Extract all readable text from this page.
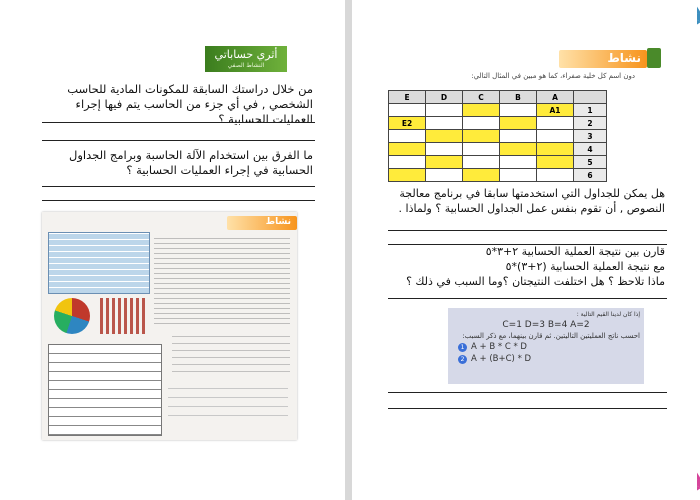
أثري حساباتي
النشاط الصفي
من خلال دراستك السابقة للمكونات المادية للحاسب الشخصي , في أي جزء من الحاسب يتم فيها إجراء العمليات الحسابية ؟
ما الفرق بين استخدام الآلة الحاسبة وبرامج الجداول الحسابية في إجراء العمليات الحسابية ؟
نشاط
نشاط
دون اسم كل خلية صفراء، كما هو مبين في المثال التالي:
E	D	C	B	A	
				A1	1
E2					2
					3
					4
					5
					6
هل يمكن للجداول التي استخدمتها سابقا في برنامج معالجة النصوص , أن تقوم بنفس عمل الجداول الحسابية ؟ ولماذا .
قارن بين نتيجة العملية الحسابية ٢+٣*٥
مع نتيجة العملية الحسابية (٢+٣)*٥
ماذا تلاحظ ؟ هل اختلفت النتيجتان ؟وما السبب في ذلك ؟
إذا كان لدينا القيم التالية :
C=1 D=3 B=4 A=2
احسب ناتج العمليتين التاليتين. ثم قارن بينهما، مع ذكر السبب:
1 A + B * C * D
2 A + (B+C) * D
